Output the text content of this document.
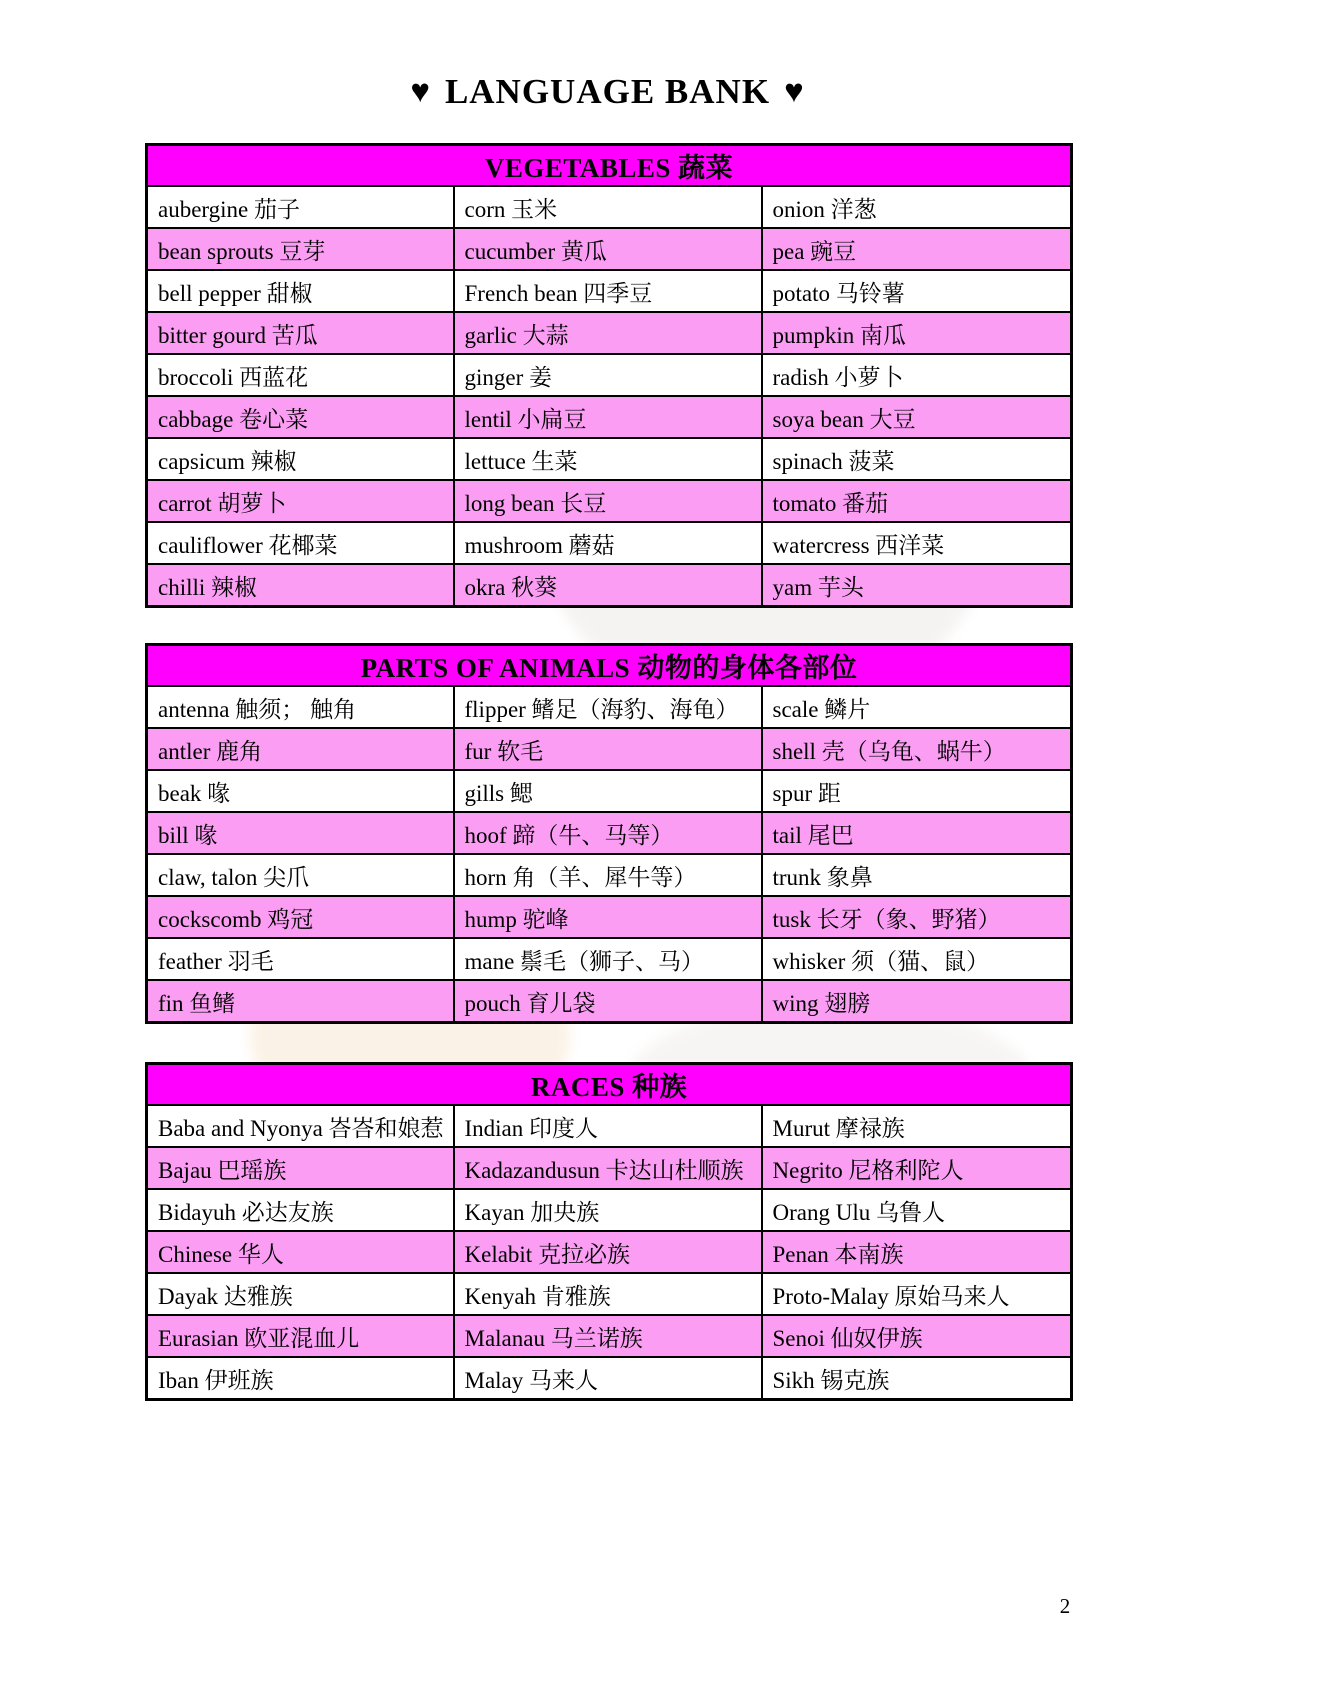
♥ LANGUAGE BANK ♥
VEGETABLES 蔬菜		
aubergine 茄子	corn 玉米	onion 洋葱
bean sprouts 豆芽	cucumber 黄瓜	pea 豌豆
bell pepper 甜椒	French bean 四季豆	potato 马铃薯
bitter gourd 苦瓜	garlic 大蒜	pumpkin 南瓜
broccoli 西蓝花	ginger 姜	radish 小萝卜
cabbage 卷心菜	lentil 小扁豆	soya bean 大豆
capsicum 辣椒	lettuce 生菜	spinach 菠菜
carrot 胡萝卜	long bean 长豆	tomato 番茄
cauliflower 花椰菜	mushroom 蘑菇	watercress 西洋菜
chilli 辣椒	okra 秋葵	yam 芋头
PARTS OF ANIMALS 动物的身体各部位		
antenna 触须； 触角	flipper 鳍足（海豹、海龟）	scale 鳞片
antler 鹿角	fur 软毛	shell 壳（乌龟、蜗牛）
beak 喙	gills 鳃	spur 距
bill 喙	hoof 蹄（牛、马等）	tail 尾巴
claw, talon 尖爪	horn 角（羊、犀牛等）	trunk 象鼻
cockscomb 鸡冠	hump 驼峰	tusk 长牙（象、野猪）
feather 羽毛	mane 鬃毛（狮子、马）	whisker 须（猫、鼠）
fin 鱼鳍	pouch 育儿袋	wing 翅膀
RACES 种族		
Baba and Nyonya 峇峇和娘惹	Indian 印度人	Murut 摩禄族
Bajau 巴瑶族	Kadazandusun 卡达山杜顺族	Negrito 尼格利陀人
Bidayuh 必达友族	Kayan 加央族	Orang Ulu 乌鲁人
Chinese 华人	Kelabit 克拉必族	Penan 本南族
Dayak 达雅族	Kenyah 肯雅族	Proto-Malay 原始马来人
Eurasian 欧亚混血儿	Malanau 马兰诺族	Senoi 仙奴伊族
Iban 伊班族	Malay 马来人	Sikh 锡克族
2
